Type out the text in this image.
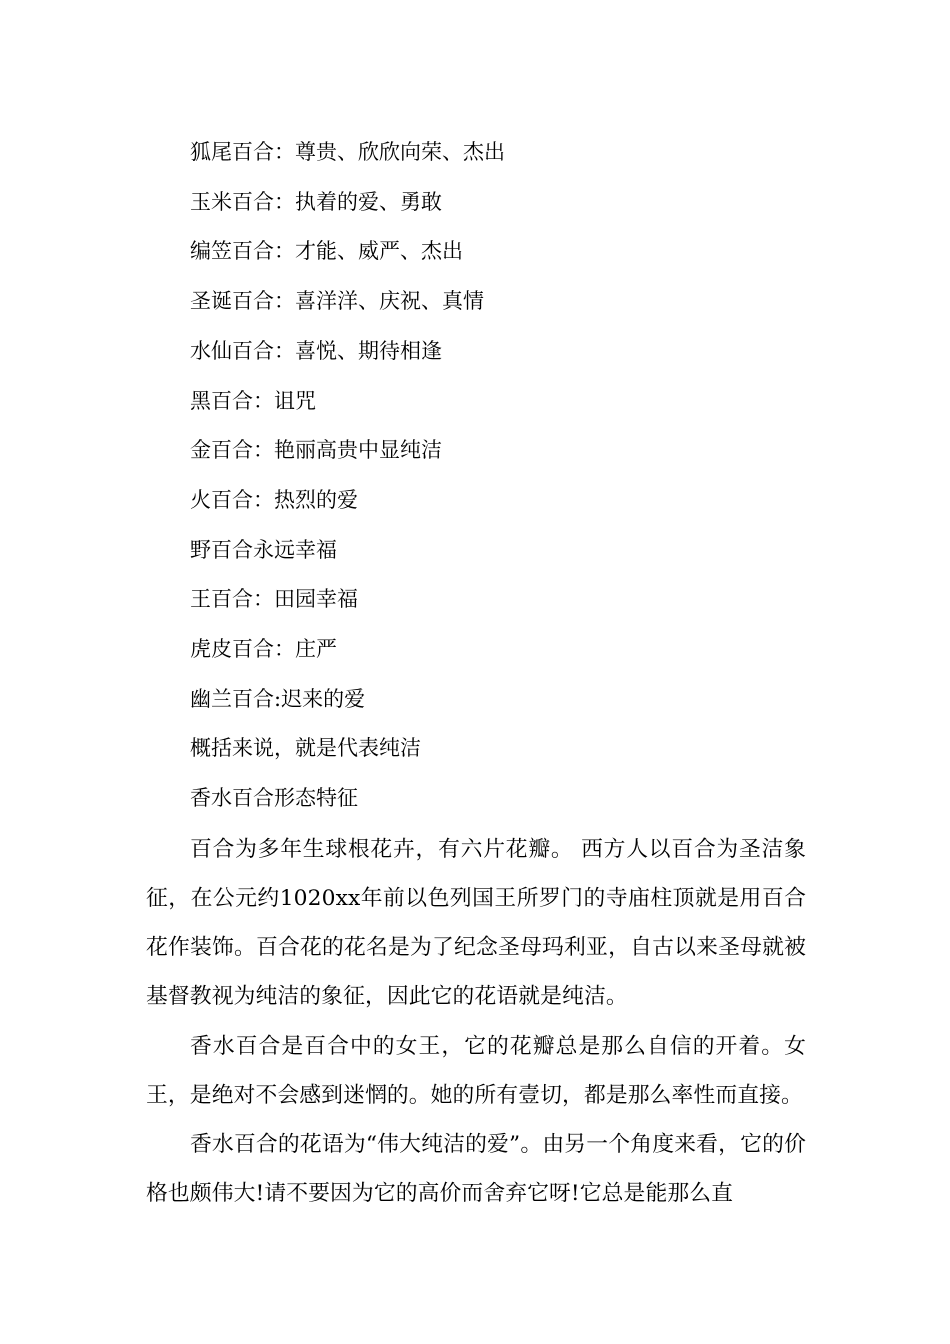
狐尾百合：尊贵、欣欣向荣、杰出

玉米百合：执着的爱、勇敢

编笠百合：才能、威严、杰出

圣诞百合：喜洋洋、庆祝、真情

水仙百合：喜悦、期待相逢

黑百合：诅咒

金百合：艳丽高贵中显纯洁

火百合：热烈的爱

野百合永远幸福

王百合：田园幸福

虎皮百合：庄严

幽兰百合:迟来的爱

概括来说，就是代表纯洁

香水百合形态特征

百合为多年生球根花卉，有六片花瓣。 西方人以百合为圣洁象征，在公元约1020xx年前以色列国王所罗门的寺庙柱顶就是用百合花作装饰。百合花的花名是为了纪念圣母玛利亚，自古以来圣母就被基督教视为纯洁的象征，因此它的花语就是纯洁。

香水百合是百合中的女王，它的花瓣总是那么自信的开着。女王，是绝对不会感到迷惘的。她的所有壹切，都是那么率性而直接。

香水百合的花语为“伟大纯洁的爱”。由另一个角度来看，它的价格也颇伟大!请不要因为它的高价而舍弃它呀!它总是能那么直
